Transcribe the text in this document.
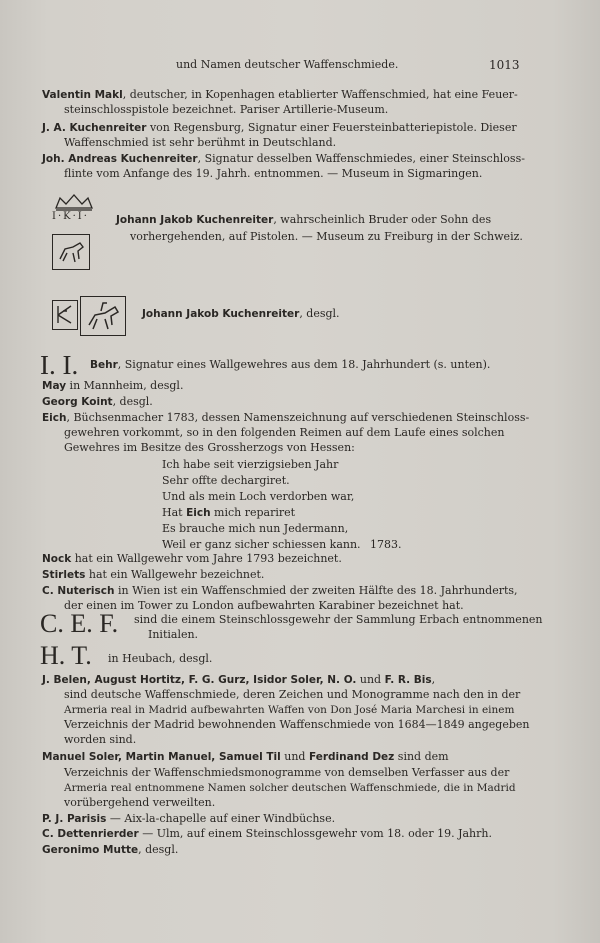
und Namen deutscher Waffenschmiede.	1013
Valentin Makl, deutscher, in Kopenhagen etablierter Waffenschmied, hat eine Feuer-
steinschlosspistole bezeichnet. Pariser Artillerie-Museum.
J. A. Kuchenreiter von Regensburg, Signatur einer Feuersteinbatteriepistole. Dieser
Waffenschmied ist sehr berühmt in Deutschland.
Joh. Andreas Kuchenreiter, Signatur desselben Waffenschmiedes, einer Steinschloss-
flinte vom Anfange des 19. Jahrh. entnommen. — Museum in Sigmaringen.
I·K·I·	Johann Jakob Kuchenreiter, wahrscheinlich Bruder oder Sohn des
vorhergehenden, auf Pistolen. — Museum zu Freiburg in der Schweiz.
Johann Jakob Kuchenreiter, desgl.
I. I. Behr, Signatur eines Wallgewehres aus dem 18. Jahrhundert (s. unten).
May in Mannheim, desgl.
Georg Koint, desgl.
Eich, Büchsenmacher 1783, dessen Namenszeichnung auf verschiedenen Steinschloss-
gewehren vorkommt, so in den folgenden Reimen auf dem Laufe eines solchen
Gewehres im Besitze des Grossherzogs von Hessen:
Ich habe seit vierzigsieben Jahr
Sehr offte dechargiret.
Und als mein Loch verdorben war,
Hat Eich mich repariret
Es brauche mich nun Jedermann,
Weil er ganz sicher schiessen kann. 1783.
Nock hat ein Wallgewehr vom Jahre 1793 bezeichnet.
Stirlets hat ein Wallgewehr bezeichnet.
C. Nuterisch in Wien ist ein Waffenschmied der zweiten Hälfte des 18. Jahrhunderts,
der einen im Tower zu London aufbewahrten Karabiner bezeichnet hat.
C. E. F. sind die einem Steinschlossgewehr der Sammlung Erbach entnommenen
Initialen.
H. T. in Heubach, desgl.
J. Belen, August Hortitz, F. G. Gurz, Isidor Soler, N. O. und F. R. Bis,
sind deutsche Waffenschmiede, deren Zeichen und Monogramme nach den in der
Armeria real in Madrid aufbewahrten Waffen von Don José Maria Marchesi in einem
Verzeichnis der Madrid bewohnenden Waffenschmiede von 1684—1849 angegeben
worden sind.
Manuel Soler, Martin Manuel, Samuel Til und Ferdinand Dez sind dem
Verzeichnis der Waffenschmiedsmonogramme von demselben Verfasser aus der
Armeria real entnommene Namen solcher deutschen Waffenschmiede, die in Madrid
vorübergehend verweilten.
P. J. Parisis — Aix-la-chapelle auf einer Windbüchse.
C. Dettenrierder — Ulm, auf einem Steinschlossgewehr vom 18. oder 19. Jahrh.
Geronimo Mutte, desgl.
